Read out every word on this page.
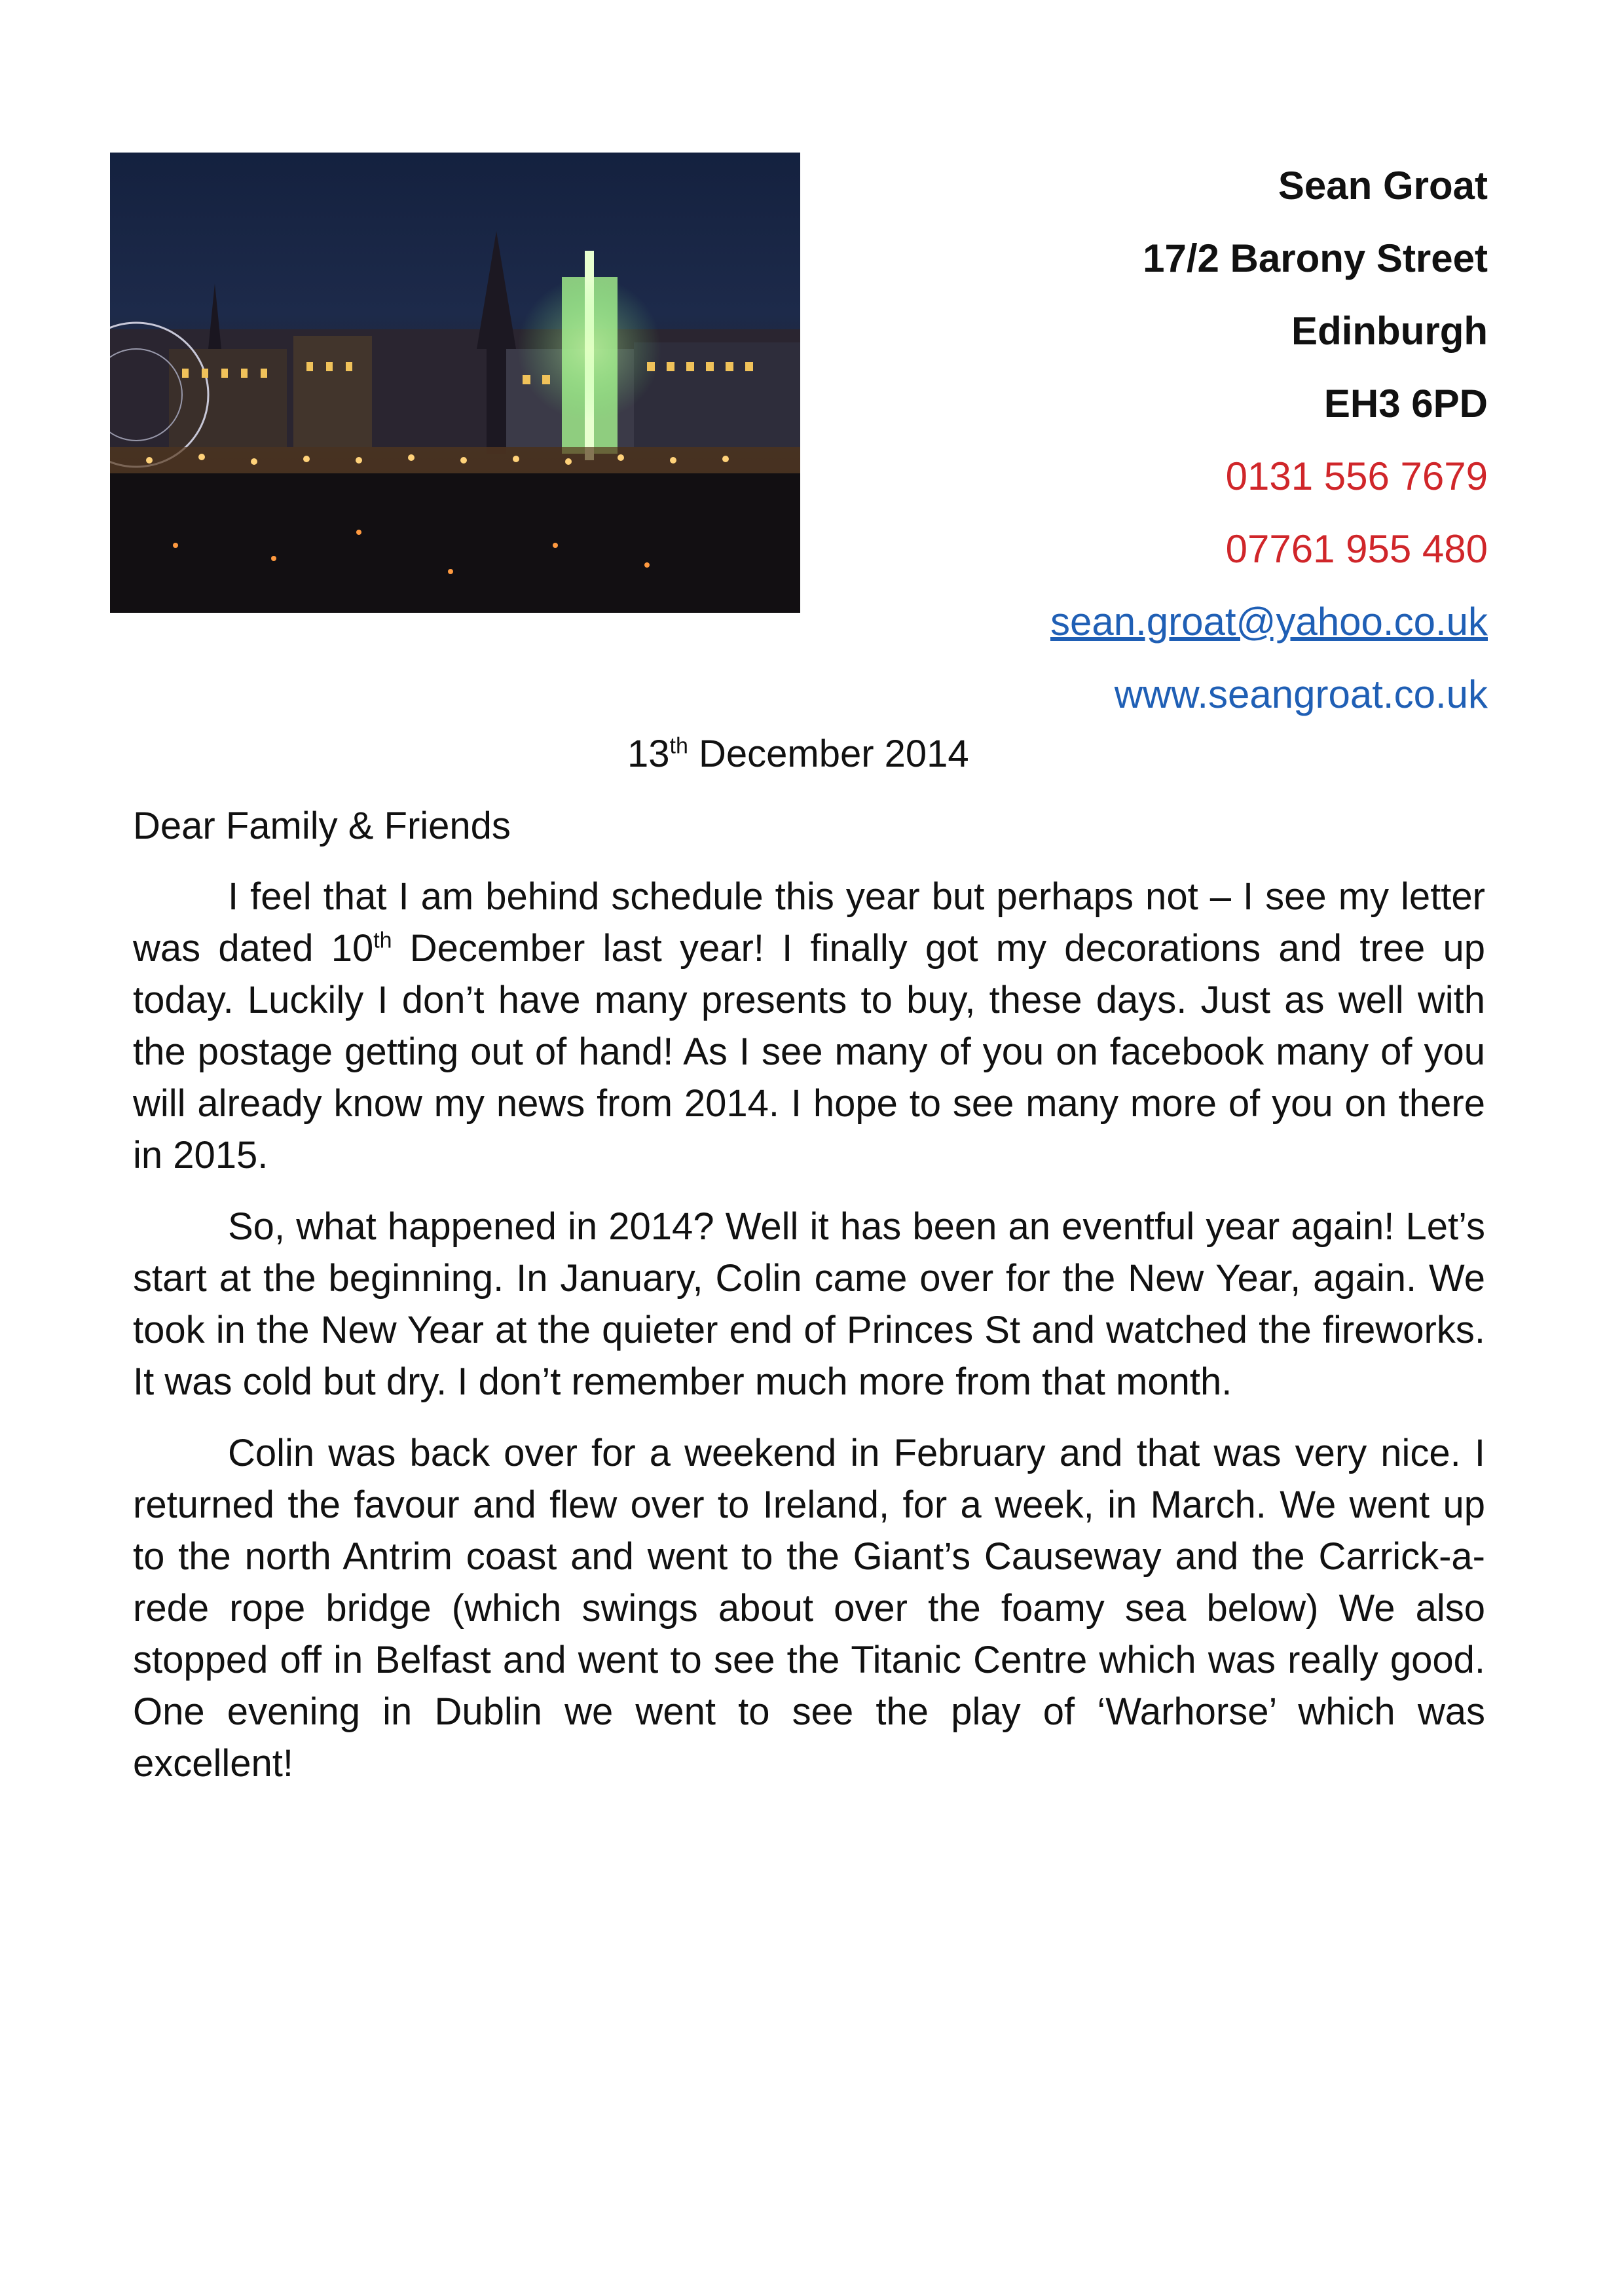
Sean Groat
17/2 Barony Street
Edinburgh
EH3 6PD
0131 556 7679
07761 955 480
sean.groat@yahoo.co.uk
www.seangroat.co.uk
13th December 2014
Dear Family & Friends

I feel that I am behind schedule this year but perhaps not – I see my letter was dated 10th December last year! I finally got my decorations and tree up today. Luckily I don’t have many presents to buy, these days. Just as well with the postage getting out of hand! As I see many of you on facebook many of you will already know my news from 2014. I hope to see many more of you on there in 2015.

So, what happened in 2014? Well it has been an eventful year again! Let’s start at the beginning. In January, Colin came over for the New Year, again. We took in the New Year at the quieter end of Princes St and watched the fireworks. It was cold but dry. I don’t remember much more from that month.

Colin was back over for a weekend in February and that was very nice. I returned the favour and flew over to Ireland, for a week, in March. We went up to the north Antrim coast and went to the Giant’s Causeway and the Carrick-a-rede rope bridge (which swings about over the foamy sea below) We also stopped off in Belfast and went to see the Titanic Centre which was really good. One evening in Dublin we went to see the play of ‘Warhorse’ which was excellent!
